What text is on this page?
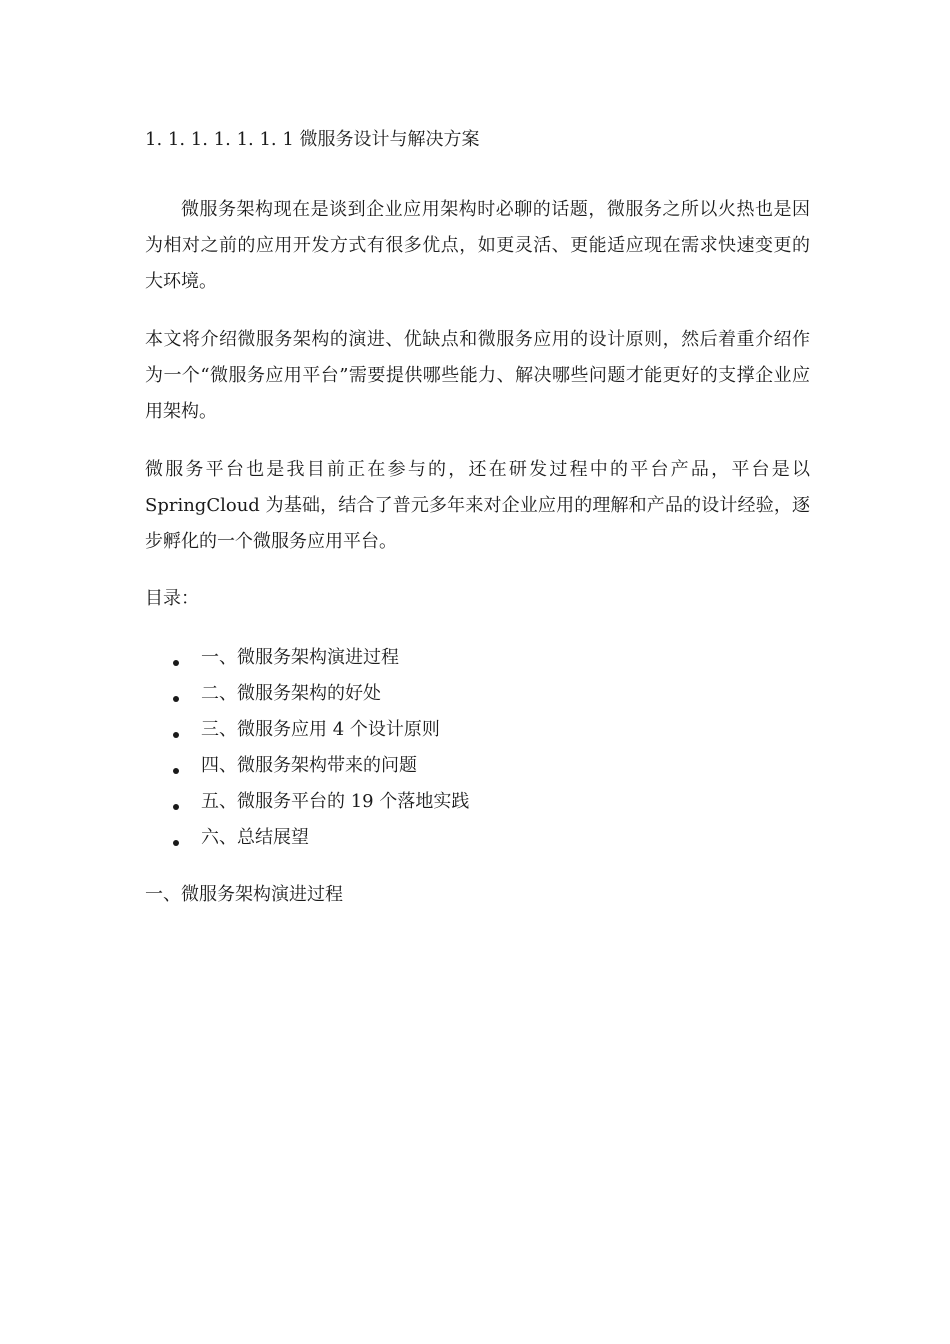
1. 1. 1. 1. 1. 1. 1 微服务设计与解决方案

微服务架构现在是谈到企业应用架构时必聊的话题，微服务之所以火热也是因为相对之前的应用开发方式有很多优点，如更灵活、更能适应现在需求快速变更的大环境。

本文将介绍微服务架构的演进、优缺点和微服务应用的设计原则，然后着重介绍作为一个“微服务应用平台”需要提供哪些能力、解决哪些问题才能更好的支撑企业应用架构。

微服务平台也是我目前正在参与的，还在研发过程中的平台产品，平台是以 SpringCloud 为基础，结合了普元多年来对企业应用的理解和产品的设计经验，逐步孵化的一个微服务应用平台。

目录：
一、微服务架构演进过程
二、微服务架构的好处
三、微服务应用 4 个设计原则
四、微服务架构带来的问题
五、微服务平台的 19 个落地实践
六、总结展望
一、微服务架构演进过程
